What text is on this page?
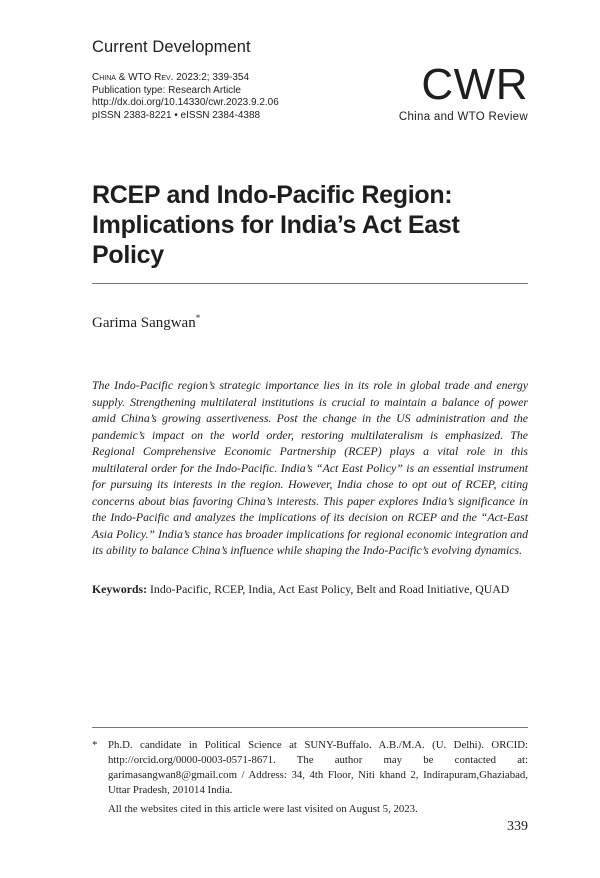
Current Development
China & WTO Rev. 2023:2; 339-354
Publication type: Research Article
http://dx.doi.org/10.14330/cwr.2023.9.2.06
pISSN 2383-8221 • eISSN 2384-4388
CWR
China and WTO Review
RCEP and Indo-Pacific Region: Implications for India’s Act East Policy
Garima Sangwan*

The Indo-Pacific region’s strategic importance lies in its role in global trade and energy supply. Strengthening multilateral institutions is crucial to maintain a balance of power amid China’s growing assertiveness. Post the change in the US administration and the pandemic’s impact on the world order, restoring multilateralism is emphasized. The Regional Comprehensive Economic Partnership (RCEP) plays a vital role in this multilateral order for the Indo-Pacific. India’s “Act East Policy” is an essential instrument for pursuing its interests in the region. However, India chose to opt out of RCEP, citing concerns about bias favoring China’s interests. This paper explores India’s significance in the Indo-Pacific and analyzes the implications of its decision on RCEP and the “Act-East Asia Policy.” India’s stance has broader implications for regional economic integration and its ability to balance China’s influence while shaping the Indo-Pacific’s evolving dynamics.

Keywords: Indo-Pacific, RCEP, India, Act East Policy, Belt and Road Initiative, QUAD
* Ph.D. candidate in Political Science at SUNY-Buffalo. A.B./M.A. (U. Delhi). ORCID: http://orcid.org/0000-0003-0571-8671. The author may be contacted at: garimasangwan8@gmail.com / Address: 34, 4th Floor, Niti khand 2, Indirapuram,Ghaziabad, Uttar Pradesh, 201014 India.
All the websites cited in this article were last visited on August 5, 2023.
339
